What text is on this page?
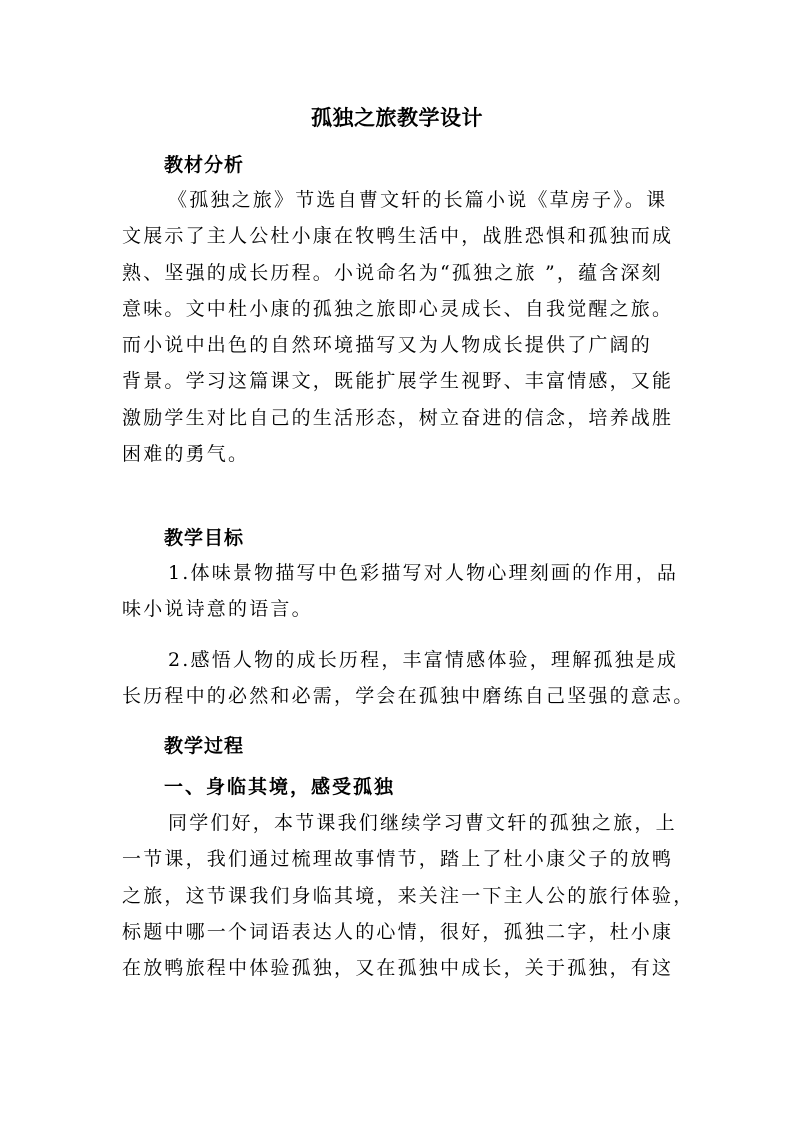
孤独之旅教学设计
教材分析
《孤独之旅》节选自曹文轩的长篇小说《草房子》。课
文展示了主人公杜小康在牧鸭生活中，战胜恐惧和孤独而成
熟、坚强的成长历程。小说命名为“孤独之旅 ”，蕴含深刻
意味。文中杜小康的孤独之旅即心灵成长、自我觉醒之旅。
而小说中出色的自然环境描写又为人物成长提供了广阔的
背景。学习这篇课文，既能扩展学生视野、丰富情感，又能
激励学生对比自己的生活形态，树立奋进的信念，培养战胜
困难的勇气。
教学目标
1.体味景物描写中色彩描写对人物心理刻画的作用，品
味小说诗意的语言。
2.感悟人物的成长历程，丰富情感体验，理解孤独是成
长历程中的必然和必需，学会在孤独中磨练自己坚强的意志。
教学过程
一、身临其境，感受孤独
同学们好，本节课我们继续学习曹文轩的孤独之旅，上
一节课，我们通过梳理故事情节，踏上了杜小康父子的放鸭
之旅，这节课我们身临其境，来关注一下主人公的旅行体验，
标题中哪一个词语表达人的心情，很好，孤独二字，杜小康
在放鸭旅程中体验孤独，又在孤独中成长，关于孤独，有这
